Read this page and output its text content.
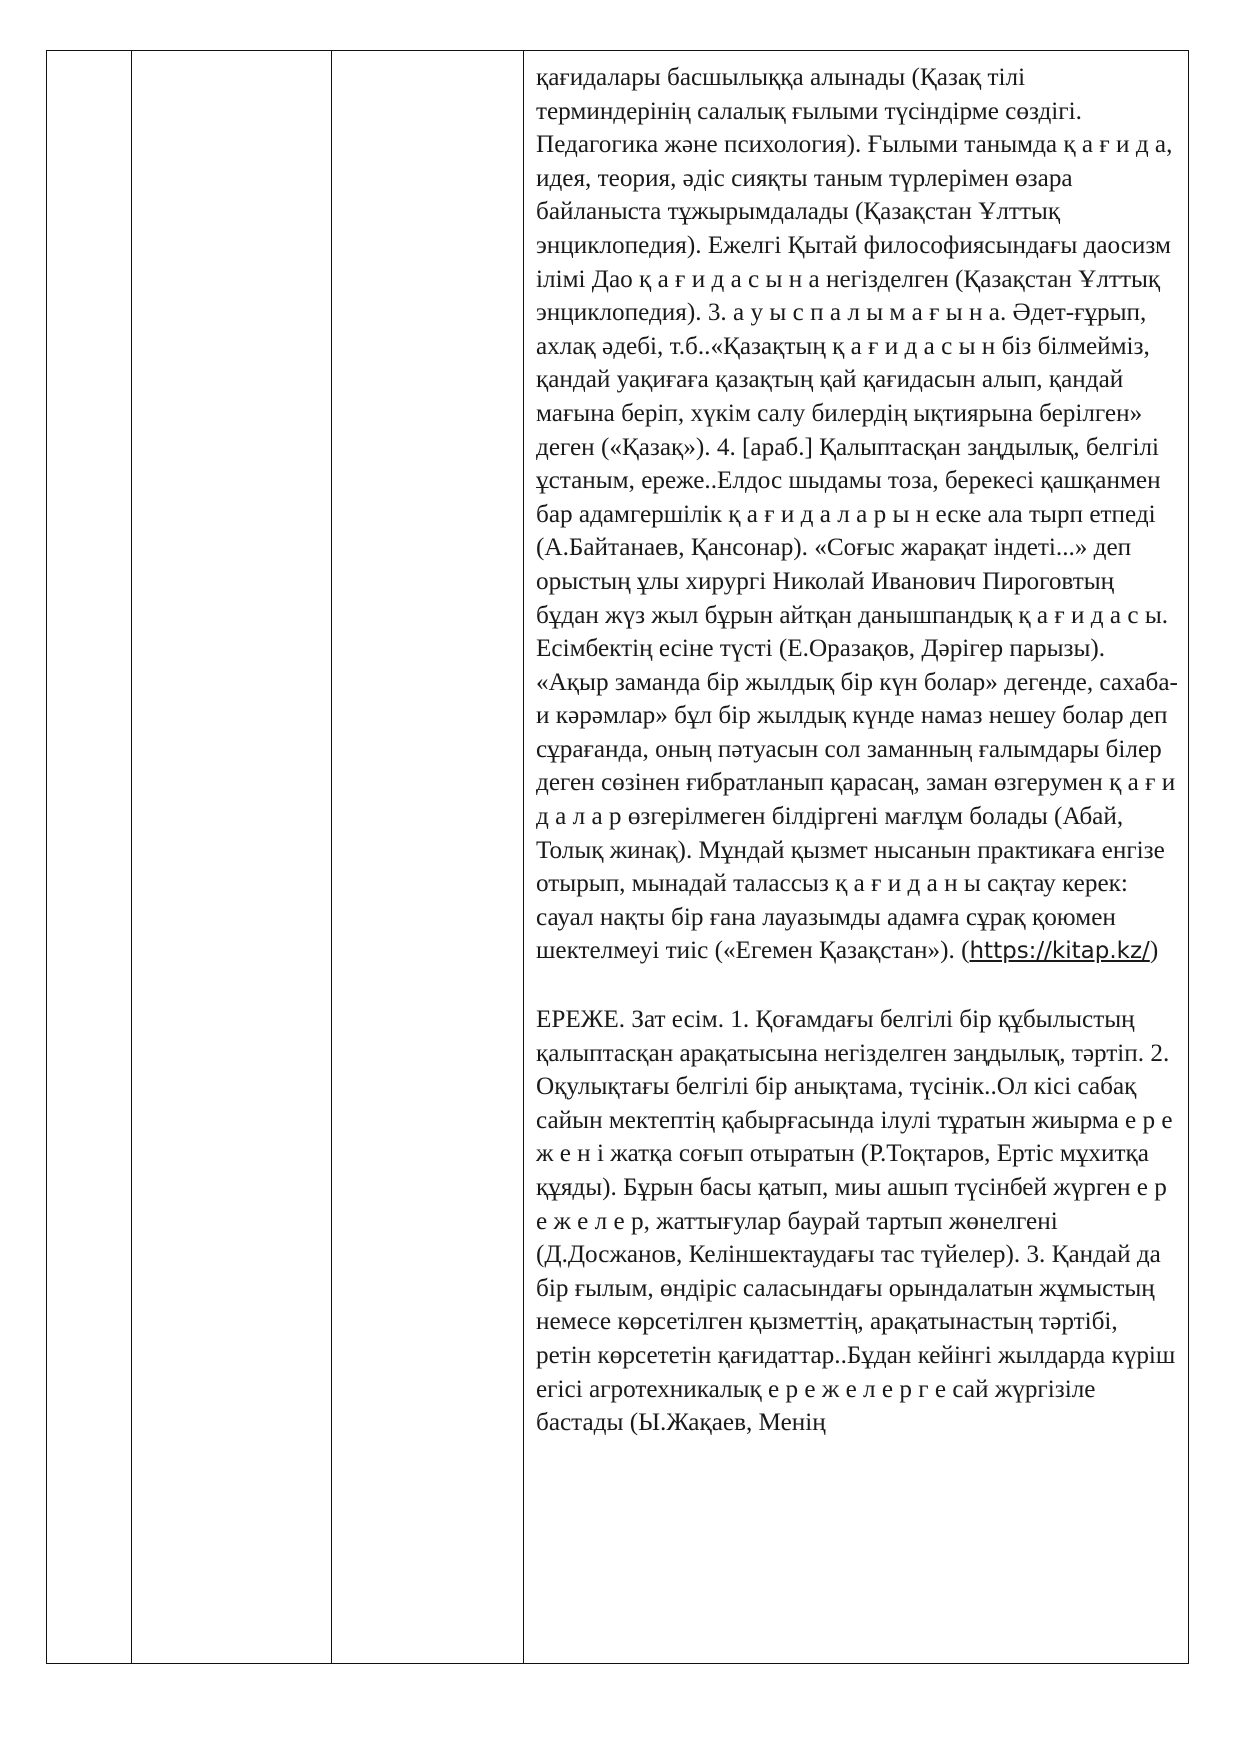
қағидалары басшылыққа алынады (Қазақ тілі терминдерінің салалық ғылыми түсіндірме сөздігі. Педагогика және психология). Ғылыми танымда қ а ғ и д а, идея, теория, әдіс сияқты таным түрлерімен өзара байланыста тұжырымдалады (Қазақстан Ұлттық энциклопедия). Ежелгі Қытай философиясындағы даосизм ілімі Дао қ а ғ и д а с ы н а негізделген (Қазақстан Ұлттық энциклопедия). 3. а у ы с п а л ы м а ғ ы н а. Әдет-ғұрып, ахлақ әдебі, т.б..«Қазақтың қ а ғ и д а с ы н біз білмейміз, қандай уақиғаға қазақтың қай қағидасын алып, қандай мағына беріп, хүкім салу билердің ықтиярына берілген» деген («Қазақ»). 4. [араб.] Қалыптасқан заңдылық, белгілі ұстаным, ереже..Елдос шыдамы тоза, берекесі қашқанмен бар адамгершілік қ а ғ и д а л а р ы н еске ала тырп етпеді (А.Байтанаев, Қансонар). «Соғыс жарақат індеті...» деп орыстың ұлы хирургі Николай Иванович Пироговтың бұдан жүз жыл бұрын айтқан данышпандық қ а ғ и д а с ы. Есімбектің есіне түсті (Е.Оразақов, Дәрігер парызы). «Ақыр заманда бір жылдық бір күн болар» дегенде, сахаба- и кәрәмлар» бұл бір жылдық күнде намаз нешеу болар деп сұрағанда, оның пәтуасын сол заманның ғалымдары білер деген сөзінен ғибратланып қарасаң, заман өзгерумен қ а ғ и д а л а р өзгерілмеген білдіргені мағлұм болады (Абай, Толық жинақ). Мұндай қызмет нысанын практикаға енгізе отырып, мынадай талассыз қ а ғ и д а н ы сақтау керек: сауал нақты бір ғана лауазымды адамға сұрақ қоюмен шектелмеуі тиіс («Егемен Қазақстан»). (https://kitap.kz/)

ЕРЕЖЕ. Зат есім. 1. Қоғамдағы белгілі бір құбылыстың қалыптасқан арақатысына негізделген заңдылық, тәртіп. 2. Оқулықтағы белгілі бір анықтама, түсінік..Ол кісі сабақ сайын мектептің қабырғасында ілулі тұратын жиырма е р е ж е н і жатқа соғып отыратын (Р.Тоқтаров, Ертіс мұхитқа құяды). Бұрын басы қатып, миы ашып түсінбей жүрген е р е ж е л е р, жаттығулар баурай тартып жөнелгені (Д.Досжанов, Келіншектаудағы тас түйелер). 3. Қандай да бір ғылым, өндіріс саласындағы орындалатын жұмыстың немесе көрсетілген қызметтің, арақатынастың тәртібі, ретін көрсететін қағидаттар..Бұдан кейінгі жылдарда күріш егісі агротехникалық е р е ж е л е р г е сай жүргізіле бастады (Ы.Жақаев, Менің
